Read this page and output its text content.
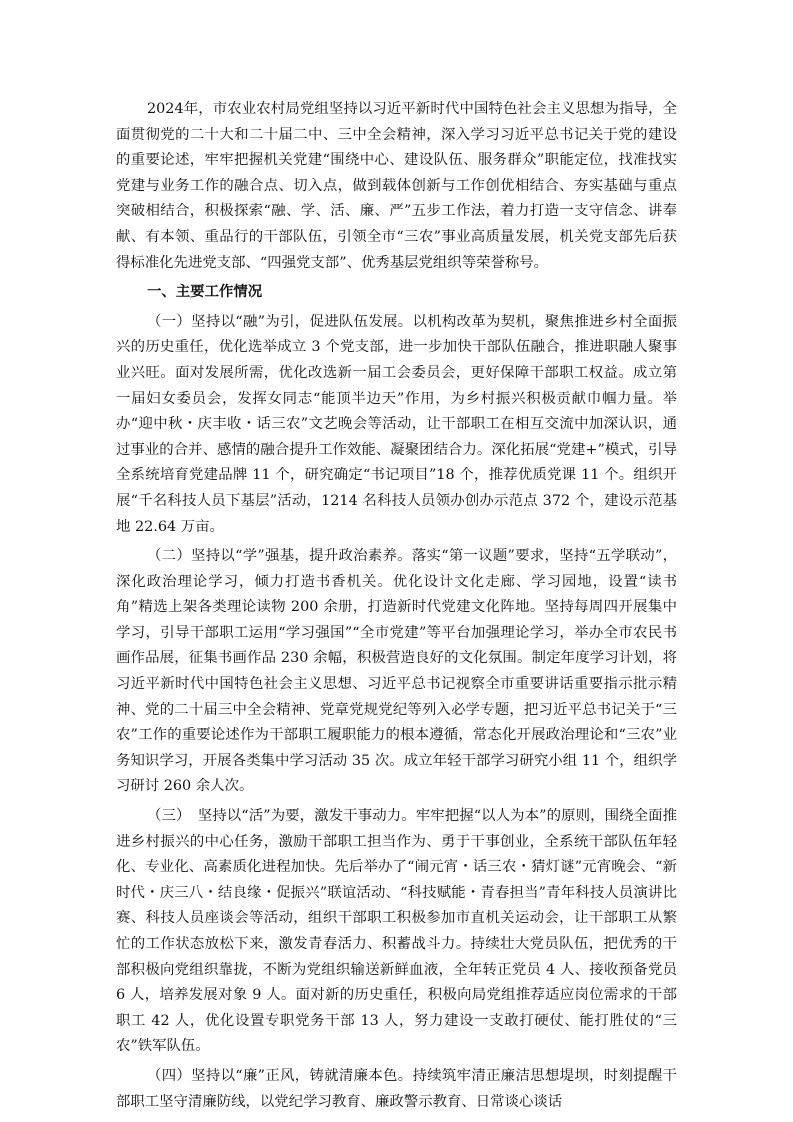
2024年，市农业农村局党组坚持以习近平新时代中国特色社会主义思想为指导，全面贯彻党的二十大和二十届二中、三中全会精神，深入学习习近平总书记关于党的建设的重要论述，牢牢把握机关党建“围绕中心、建设队伍、服务群众”职能定位，找准找实党建与业务工作的融合点、切入点，做到载体创新与工作创优相结合、夯实基础与重点突破相结合，积极探索“融、学、活、廉、严”五步工作法，着力打造一支守信念、讲奉献、有本领、重品行的干部队伍，引领全市“三农”事业高质量发展，机关党支部先后获得标准化先进党支部、“四强党支部”、优秀基层党组织等荣誉称号。

一、主要工作情况

（一）坚持以“融”为引，促进队伍发展。以机构改革为契机，聚焦推进乡村全面振兴的历史重任，优化选举成立 3 个党支部，进一步加快干部队伍融合，推进职融人聚事业兴旺。面对发展所需，优化改选新一届工会委员会，更好保障干部职工权益。成立第一届妇女委员会，发挥女同志“能顶半边天”作用，为乡村振兴积极贡献巾帼力量。举办“迎中秋・庆丰收・话三农”文艺晚会等活动，让干部职工在相互交流中加深认识，通过事业的合并、感情的融合提升工作效能、凝聚团结合力。深化拓展“党建+”模式，引导全系统培育党建品牌 11 个，研究确定“书记项目”18 个，推荐优质党课 11 个。组织开展“千名科技人员下基层”活动，1214 名科技人员领办创办示范点 372 个，建设示范基地 22.64 万亩。

（二）坚持以“学”强基，提升政治素养。落实“第一议题”要求，坚持“五学联动”，深化政治理论学习，倾力打造书香机关。优化设计文化走廊、学习园地，设置“读书角”精选上架各类理论读物 200 余册，打造新时代党建文化阵地。坚持每周四开展集中学习，引导干部职工运用“学习强国”“全市党建”等平台加强理论学习，举办全市农民书画作品展，征集书画作品 230 余幅，积极营造良好的文化氛围。制定年度学习计划，将习近平新时代中国特色社会主义思想、习近平总书记视察全市重要讲话重要指示批示精神、党的二十届三中全会精神、党章党规党纪等列入必学专题，把习近平总书记关于“三农”工作的重要论述作为干部职工履职能力的根本遵循，常态化开展政治理论和“三农”业务知识学习，开展各类集中学习活动 35 次。成立年轻干部学习研究小组 11 个，组织学习研讨 260 余人次。

（三）　坚持以“活”为要，激发干事动力。牢牢把握“以人为本”的原则，围绕全面推进乡村振兴的中心任务，激励干部职工担当作为、勇于干事创业，全系统干部队伍年轻化、专业化、高素质化进程加快。先后举办了“闹元宵・话三农・猜灯谜”元宵晚会、“新时代・庆三八・结良缘・促振兴”联谊活动、“科技赋能・青春担当”青年科技人员演讲比赛、科技人员座谈会等活动，组织干部职工积极参加市直机关运动会，让干部职工从繁忙的工作状态放松下来，激发青春活力、积蓄战斗力。持续壮大党员队伍，把优秀的干部积极向党组织靠拢，不断为党组织输送新鲜血液，全年转正党员 4 人、接收预备党员 6 人，培养发展对象 9 人。面对新的历史重任，积极向局党组推荐适应岗位需求的干部职工 42 人，优化设置专职党务干部 13 人，努力建设一支敢打硬仗、能打胜仗的“三农”铁军队伍。

（四）坚持以“廉”正风，铸就清廉本色。持续筑牢清正廉洁思想堤坝，时刻提醒干部职工坚守清廉防线，以党纪学习教育、廉政警示教育、日常谈心谈话
